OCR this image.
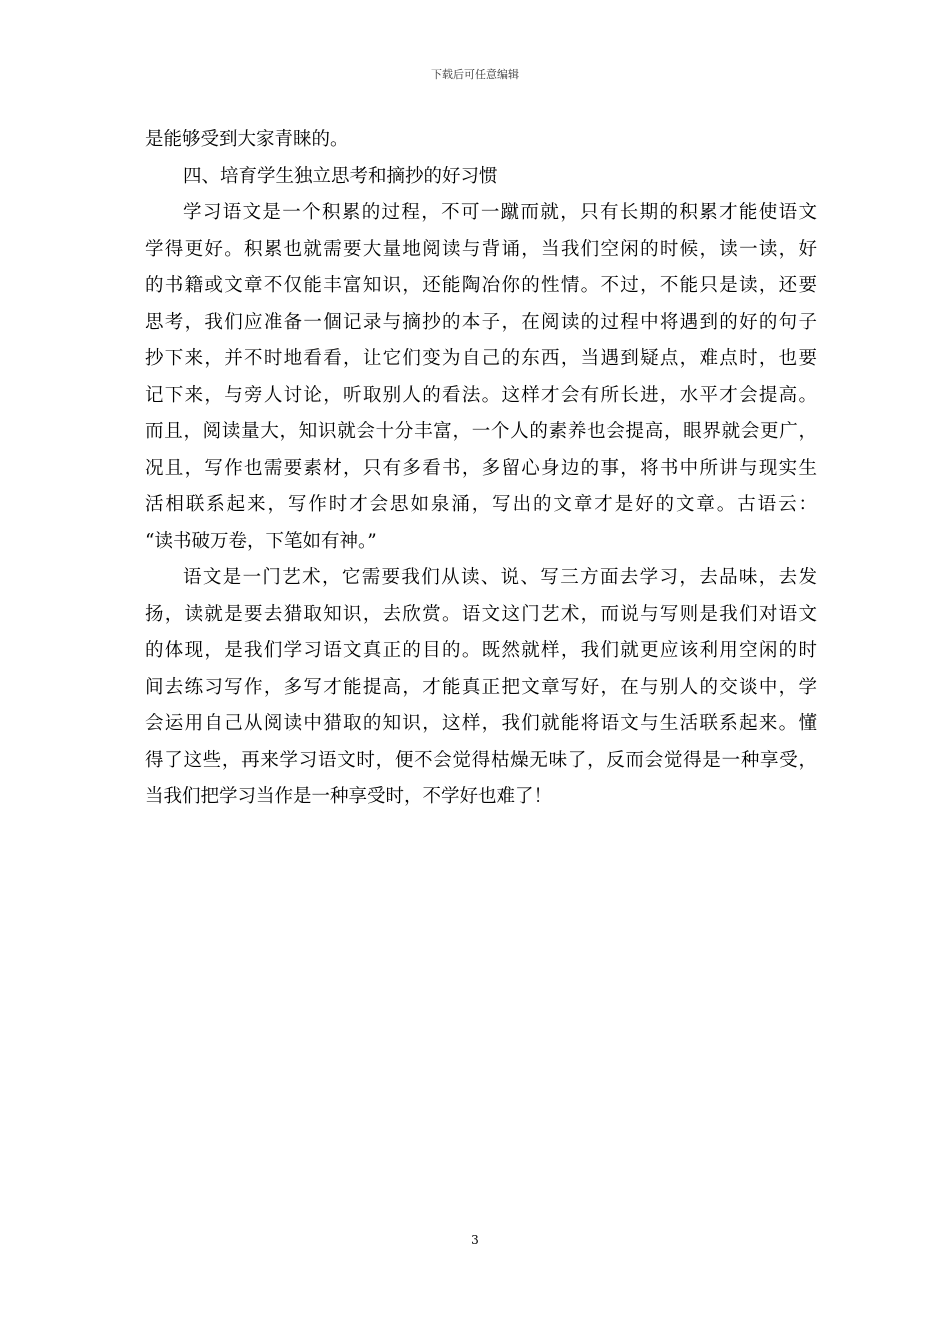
下载后可任意编辑
是能够受到大家青睐的。
四、培育学生独立思考和摘抄的好习惯
学习语文是一个积累的过程，不可一蹴而就，只有长期的积累才能使语文
学得更好。积累也就需要大量地阅读与背诵，当我们空闲的时候，读一读，好
的书籍或文章不仅能丰富知识，还能陶冶你的性情。不过，不能只是读，还要
思考，我们应准备一個记录与摘抄的本子，在阅读的过程中将遇到的好的句子
抄下来，并不时地看看，让它们变为自己的东西，当遇到疑点，难点时，也要
记下来，与旁人讨论，听取别人的看法。这样才会有所长进，水平才会提高。
而且，阅读量大，知识就会十分丰富，一个人的素养也会提高，眼界就会更广，
况且，写作也需要素材，只有多看书，多留心身边的事，将书中所讲与现实生
活相联系起来，写作时才会思如泉涌，写出的文章才是好的文章。古语云：
“读书破万卷，下笔如有神。”
语文是一门艺术，它需要我们从读、说、写三方面去学习，去品味，去发
扬，读就是要去猎取知识，去欣赏。语文这门艺术，而说与写则是我们对语文
的体现，是我们学习语文真正的目的。既然就样，我们就更应该利用空闲的时
间去练习写作，多写才能提高，才能真正把文章写好，在与别人的交谈中，学
会运用自己从阅读中猎取的知识，这样，我们就能将语文与生活联系起来。懂
得了这些，再来学习语文时，便不会觉得枯燥无味了，反而会觉得是一种享受，
当我们把学习当作是一种享受时，不学好也难了！
3
